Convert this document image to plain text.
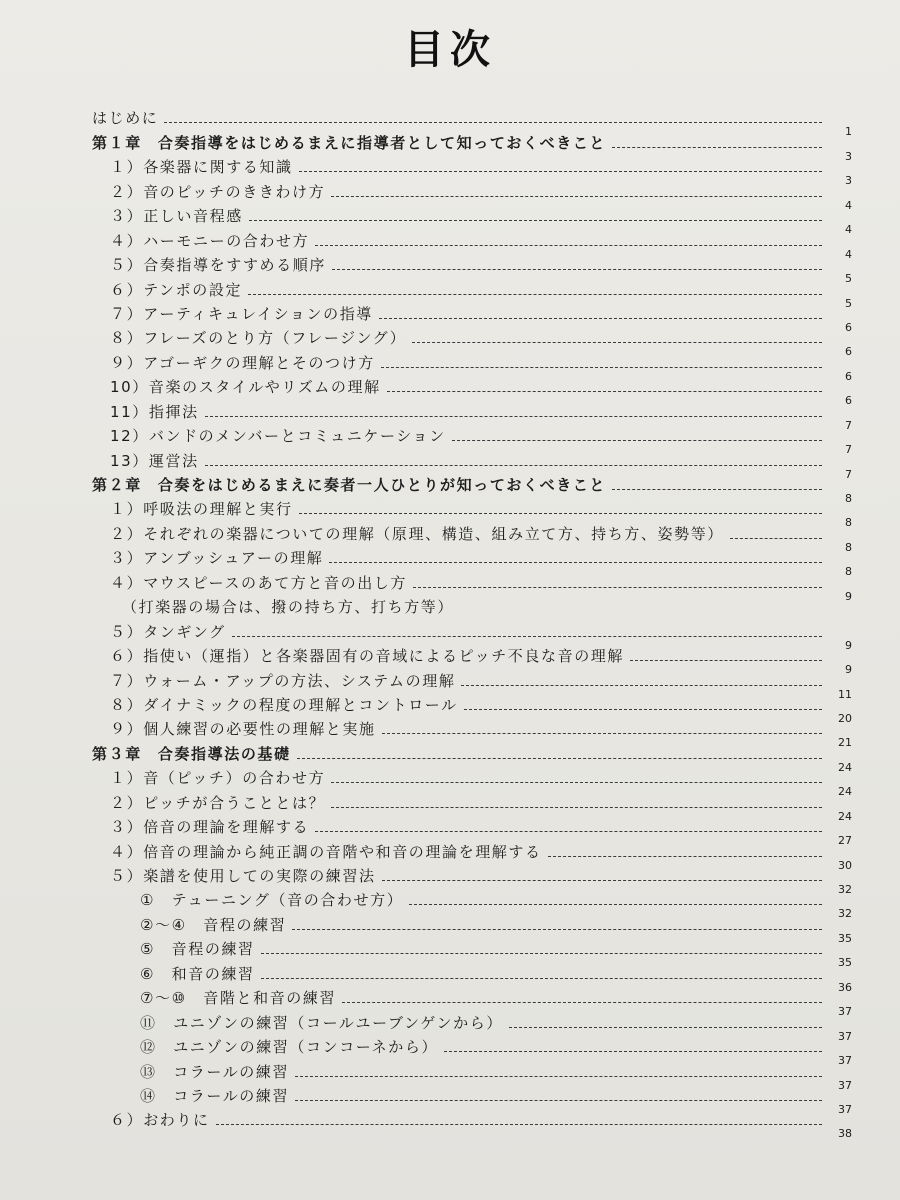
目次
はじめに
1
第１章 合奏指導をはじめるまえに指導者として知っておくべきこと
3
１）各楽器に関する知識
3
２）音のピッチのききわけ方
4
３）正しい音程感
4
４）ハーモニーの合わせ方
4
５）合奏指導をすすめる順序
5
６）テンポの設定
5
７）アーティキュレイションの指導
6
８）フレーズのとり方（フレージング）
6
９）アゴーギクの理解とそのつけ方
6
10）音楽のスタイルやリズムの理解
6
11）指揮法
7
12）バンドのメンバーとコミュニケーション
7
13）運営法
7
第２章 合奏をはじめるまえに奏者一人ひとりが知っておくべきこと
8
１）呼吸法の理解と実行
8
２）それぞれの楽器についての理解（原理、構造、組み立て方、持ち方、姿勢等）
8
３）アンブッシュアーの理解
8
４）マウスピースのあて方と音の出し方
9
（打楽器の場合は、撥の持ち方、打ち方等）
５）タンギング
9
６）指使い（運指）と各楽器固有の音域によるピッチ不良な音の理解
9
７）ウォーム・アップの方法、システムの理解
11
８）ダイナミックの程度の理解とコントロール
20
９）個人練習の必要性の理解と実施
21
第３章 合奏指導法の基礎
24
１）音（ピッチ）の合わせ方
24
２）ピッチが合うこととは？
24
３）倍音の理論を理解する
27
４）倍音の理論から純正調の音階や和音の理論を理解する
30
５）楽譜を使用しての実際の練習法
32
①　テューニング（音の合わせ方）
32
②～④　音程の練習
35
⑤　音程の練習
35
⑥　和音の練習
36
⑦～⑩　音階と和音の練習
37
⑪　ユニゾンの練習（コールユーブンゲンから）
37
⑫　ユニゾンの練習（コンコーネから）
37
⑬　コラールの練習
37
⑭　コラールの練習
37
６）おわりに
38
